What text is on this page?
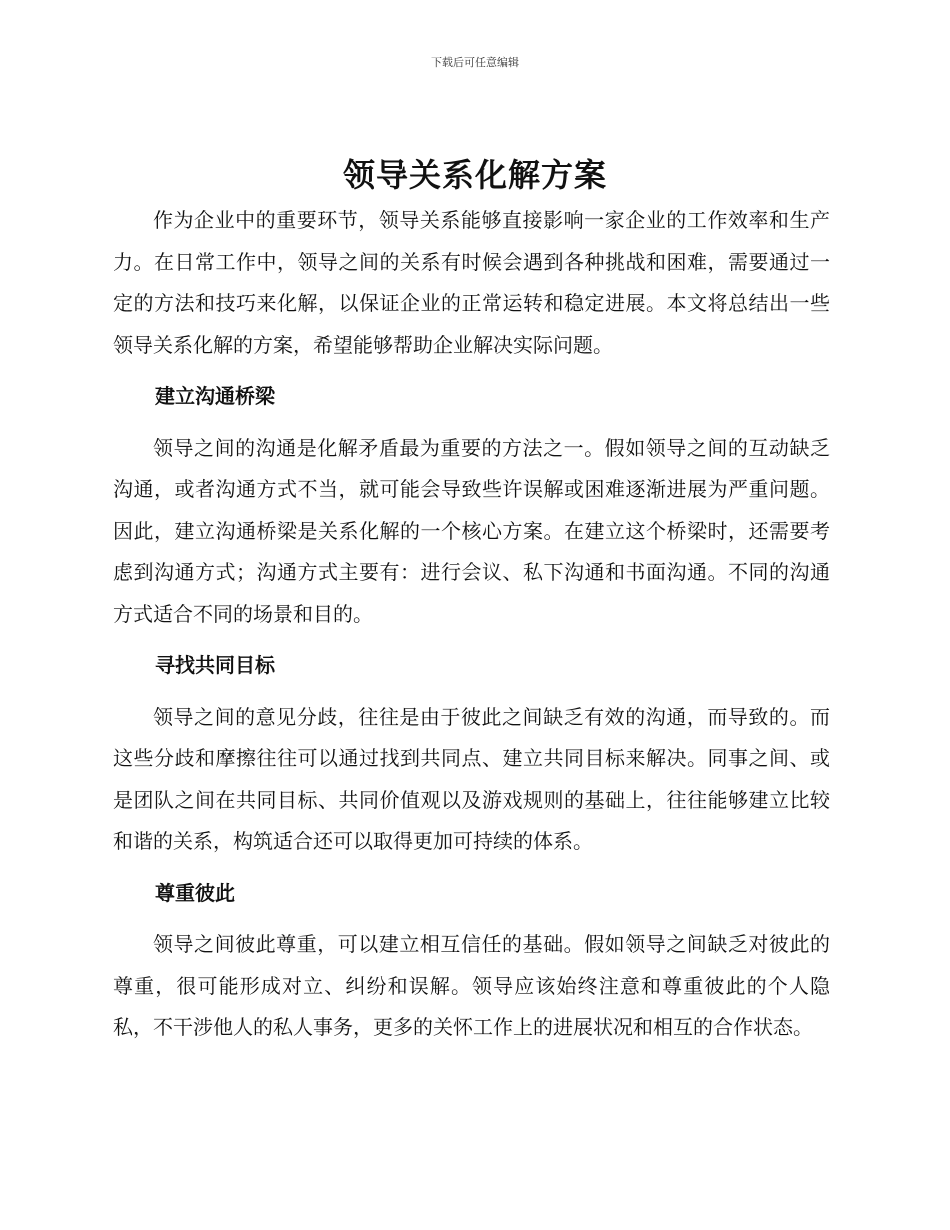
下载后可任意编辑
领导关系化解方案

作为企业中的重要环节，领导关系能够直接影响一家企业的工作效率和生产力。在日常工作中，领导之间的关系有时候会遇到各种挑战和困难，需要通过一定的方法和技巧来化解，以保证企业的正常运转和稳定进展。本文将总结出一些领导关系化解的方案，希望能够帮助企业解决实际问题。

建立沟通桥梁

领导之间的沟通是化解矛盾最为重要的方法之一。假如领导之间的互动缺乏沟通，或者沟通方式不当，就可能会导致些许误解或困难逐渐进展为严重问题。因此，建立沟通桥梁是关系化解的一个核心方案。在建立这个桥梁时，还需要考虑到沟通方式；沟通方式主要有：进行会议、私下沟通和书面沟通。不同的沟通方式适合不同的场景和目的。

寻找共同目标

领导之间的意见分歧，往往是由于彼此之间缺乏有效的沟通，而导致的。而这些分歧和摩擦往往可以通过找到共同点、建立共同目标来解决。同事之间、或是团队之间在共同目标、共同价值观以及游戏规则的基础上，往往能够建立比较和谐的关系，构筑适合还可以取得更加可持续的体系。

尊重彼此

领导之间彼此尊重，可以建立相互信任的基础。假如领导之间缺乏对彼此的尊重，很可能形成对立、纠纷和误解。领导应该始终注意和尊重彼此的个人隐私，不干涉他人的私人事务，更多的关怀工作上的进展状况和相互的合作状态。
